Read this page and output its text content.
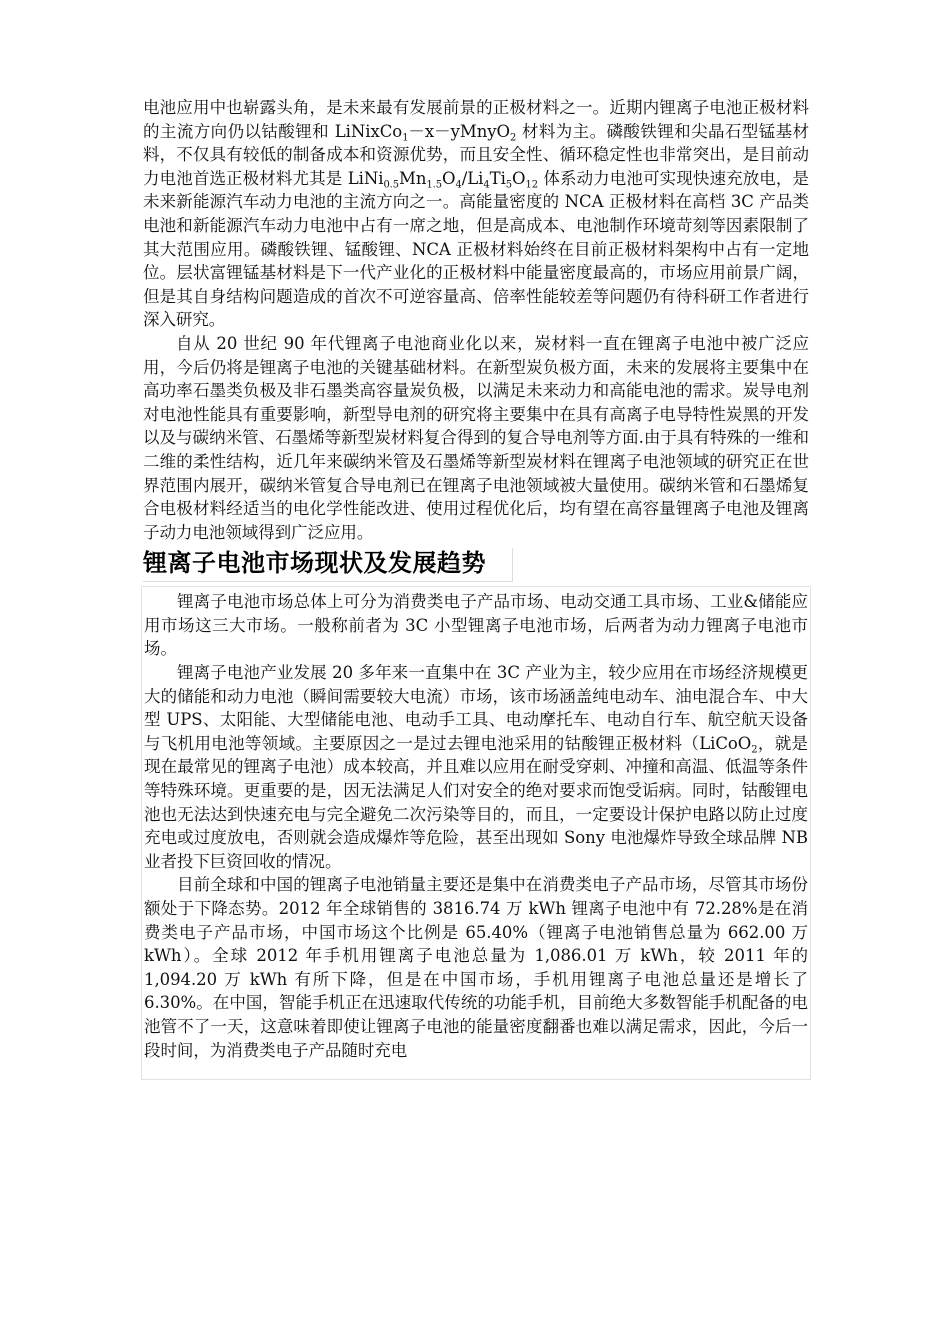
电池应用中也崭露头角，是未来最有发展前景的正极材料之一。近期内锂离子电池正极材料的主流方向仍以钴酸锂和 LiNixCo$_1$－x－yMnyO$_2$ 材料为主。磷酸铁锂和尖晶石型锰基材料，不仅具有较低的制备成本和资源优势，而且安全性、循环稳定性也非常突出，是目前动力电池首选正极材料尤其是 $LiNi_{0.5}Mn_{1.5}O_4/Li_4Ti_5O_{12}$ 体系动力电池可实现快速充放电，是未来新能源汽车动力电池的主流方向之一。高能量密度的 NCA 正极材料在高档 3C 产品类电池和新能源汽车动力电池中占有一席之地，但是高成本、电池制作环境苛刻等因素限制了其大范围应用。磷酸铁锂、锰酸锂、NCA 正极材料始终在目前正极材料架构中占有一定地位。层状富锂锰基材料是下一代产业化的正极材料中能量密度最高的，市场应用前景广阔，但是其自身结构问题造成的首次不可逆容量高、倍率性能较差等问题仍有待科研工作者进行深入研究。

自从 20 世纪 90 年代锂离子电池商业化以来，炭材料一直在锂离子电池中被广泛应用，今后仍将是锂离子电池的关键基础材料。在新型炭负极方面，未来的发展将主要集中在高功率石墨类负极及非石墨类高容量炭负极，以满足未来动力和高能电池的需求。炭导电剂对电池性能具有重要影响，新型导电剂的研究将主要集中在具有高离子电导特性炭黑的开发以及与碳纳米管、石墨烯等新型炭材料复合得到的复合导电剂等方面.由于具有特殊的一维和二维的柔性结构，近几年来碳纳米管及石墨烯等新型炭材料在锂离子电池领域的研究正在世界范围内展开，碳纳米管复合导电剂已在锂离子电池领域被大量使用。碳纳米管和石墨烯复合电极材料经适当的电化学性能改进、使用过程优化后，均有望在高容量锂离子电池及锂离子动力电池领域得到广泛应用。

锂离子电池市场现状及发展趋势

锂离子电池市场总体上可分为消费类电子产品市场、电动交通工具市场、工业&储能应用市场这三大市场。一般称前者为 3C 小型锂离子电池市场，后两者为动力锂离子电池市场。

锂离子电池产业发展 20 多年来一直集中在 3C 产业为主，较少应用在市场经济规模更大的储能和动力电池（瞬间需要较大电流）市场，该市场涵盖纯电动车、油电混合车、中大型 UPS、太阳能、大型储能电池、电动手工具、电动摩托车、电动自行车、航空航天设备与飞机用电池等领域。主要原因之一是过去锂电池采用的钴酸锂正极材料（LiCoO$_2$，就是现在最常见的锂离子电池）成本较高，并且难以应用在耐受穿刺、冲撞和高温、低温等条件等特殊环境。更重要的是，因无法满足人们对安全的绝对要求而饱受诟病。同时，钴酸锂电池也无法达到快速充电与完全避免二次污染等目的，而且，一定要设计保护电路以防止过度充电或过度放电，否则就会造成爆炸等危险，甚至出现如 Sony 电池爆炸导致全球品牌 NB 业者投下巨资回收的情况。

目前全球和中国的锂离子电池销量主要还是集中在消费类电子产品市场，尽管其市场份额处于下降态势。2012 年全球销售的 3816.74 万 kWh 锂离子电池中有 72.28%是在消费类电子产品市场，中国市场这个比例是 65.40%（锂离子电池销售总量为 662.00 万 kWh）。全球 2012 年手机用锂离子电池总量为 1,086.01 万 kWh，较 2011 年的 1,094.20 万 kWh 有所下降，但是在中国市场，手机用锂离子电池总量还是增长了 6.30%。在中国，智能手机正在迅速取代传统的功能手机，目前绝大多数智能手机配备的电池管不了一天，这意味着即使让锂离子电池的能量密度翻番也难以满足需求，因此，今后一段时间，为消费类电子产品随时充电
